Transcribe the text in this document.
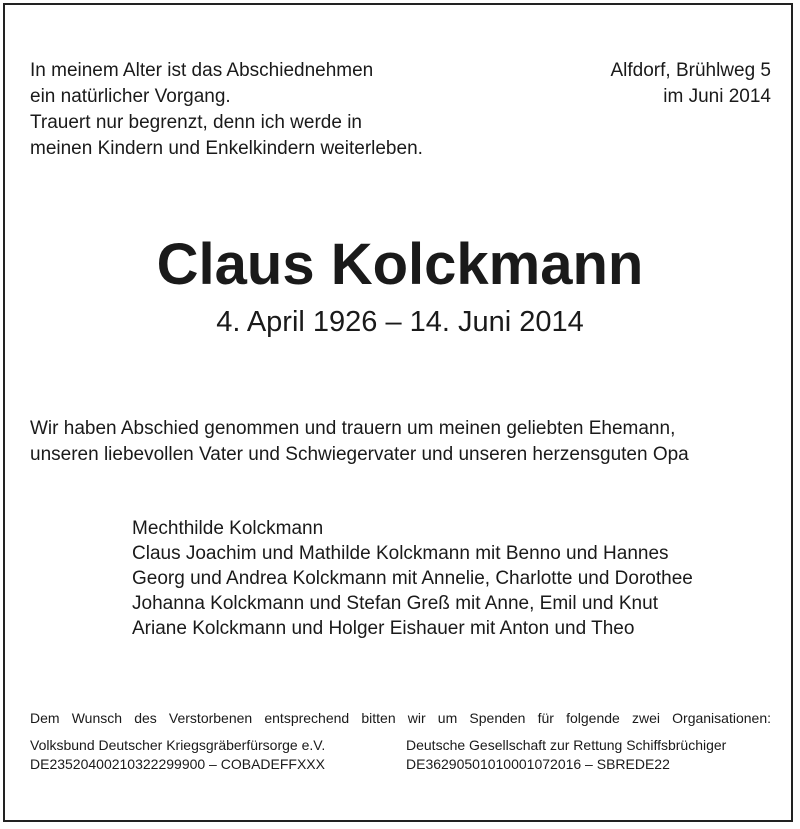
In meinem Alter ist das Abschiednehmen
ein natürlicher Vorgang.
Trauert nur begrenzt, denn ich werde in
meinen Kindern und Enkelkindern weiterleben.
Alfdorf, Brühlweg 5
im Juni 2014
Claus Kolckmann
4. April 1926 – 14. Juni 2014
Wir haben Abschied genommen und trauern um meinen geliebten Ehemann,
unseren liebevollen Vater und Schwiegervater und unseren herzensguten Opa
Mechthilde Kolckmann
Claus Joachim und Mathilde Kolckmann mit Benno und Hannes
Georg und Andrea Kolckmann mit Annelie, Charlotte und Dorothee
Johanna Kolckmann und Stefan Greß mit Anne, Emil und Knut
Ariane Kolckmann und Holger Eishauer mit Anton und Theo
Dem Wunsch des Verstorbenen entsprechend bitten wir um Spenden für folgende zwei Organisationen:
Volksbund Deutscher Kriegsgräberfürsorge e.V.
DE23520400210322299900 – COBADEFFXXX
Deutsche Gesellschaft zur Rettung Schiffsbrüchiger
DE36290501010001072016 – SBREDE22
